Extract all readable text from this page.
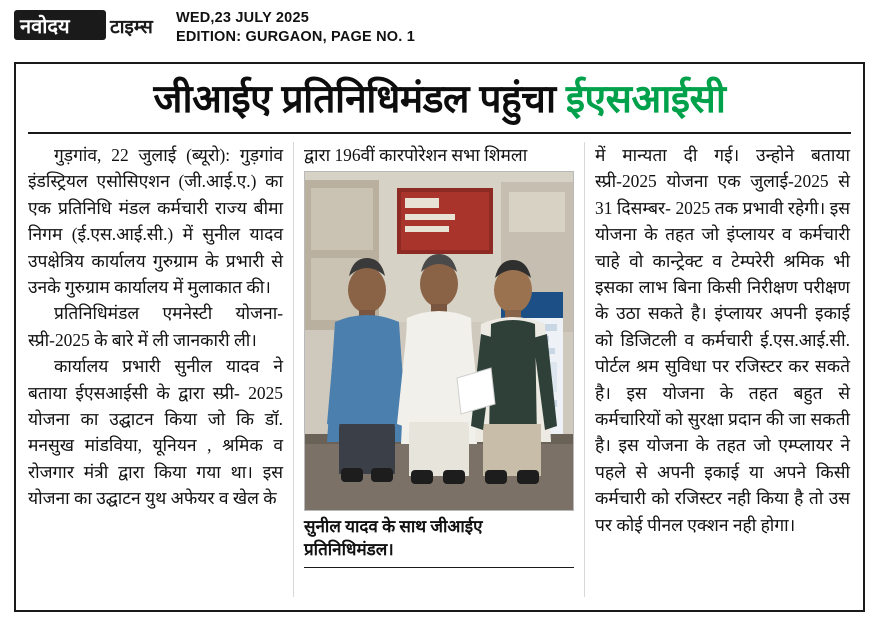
नवोदय टाइम्स WED,23 JULY 2025
EDITION: GURGAON, PAGE NO. 1
जीआईए प्रतिनिधिमंडल पहुंचा ईएसआईसी

गुड़गांव, 22 जुलाई (ब्यूरो): गुड़गांव इंडस्ट्रियल एसोसिएशन (जी.आई.ए.) का एक प्रतिनिधि मंडल कर्मचारी राज्य बीमा निगम (ई.एस.आई.सी.) में सुनील यादव उपक्षेत्रिय कार्यालय गुरुग्राम के प्रभारी से उनके गुरुग्राम कार्यालय में मुलाकात की।

प्रतिनिधिमंडल एमनेस्टी योजना-स्प्री-2025 के बारे में ली जानकारी ली।

कार्यालय प्रभारी सुनील यादव ने बताया ईएसआईसी के द्वारा स्प्री- 2025 योजना का उद्घाटन किया जो कि डॉ. मनसुख मांडविया, यूनियन , श्रमिक व रोजगार मंत्री द्वारा किया गया था। इस योजना का उद्घाटन युथ अफेयर व खेल के

द्वारा 196वीं कारपोरेशन सभा शिमला

सुनील यादव के साथ जीआईए प्रतिनिधिमंडल।

में मान्यता दी गई। उन्होने बताया स्प्री-2025 योजना एक जुलाई-2025 से 31 दिसम्बर- 2025 तक प्रभावी रहेगी। इस योजना के तहत जो इंप्लायर व कर्मचारी चाहे वो कान्ट्रेक्ट व टेम्परेरी श्रमिक भी इसका लाभ बिना किसी निरीक्षण परीक्षण के उठा सकते है। इंप्लायर अपनी इकाई को डिजिटली व कर्मचारी ई.एस.आई.सी. पोर्टल श्रम सुविधा पर रजिस्टर कर सकते है। इस योजना के तहत बहुत से कर्मचारियों को सुरक्षा प्रदान की जा सकती है। इस योजना के तहत जो एम्प्लायर ने पहले से अपनी इकाई या अपने किसी कर्मचारी को रजिस्टर नही किया है तो उस पर कोई पीनल एक्शन नही होगा।
